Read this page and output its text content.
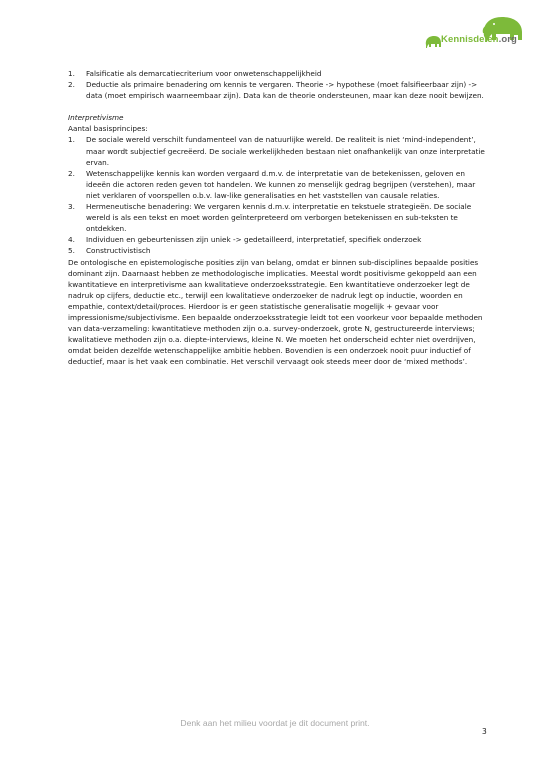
Kennisdelen.org
1.	Falsificatie als demarcatiecriterium voor onwetenschappelijkheid
2.	Deductie als primaire benadering om kennis te vergaren. Theorie -> hypothese (moet falsifieerbaar zijn) -> data (moet empirisch waarneembaar zijn). Data kan de theorie ondersteunen, maar kan deze nooit bewijzen.
Interpretivisme
Aantal basisprincipes:
1.	De sociale wereld verschilt fundamenteel van de natuurlijke wereld. De realiteit is niet ‘mind-independent’, maar wordt subjectief gecreëerd. De sociale werkelijkheden bestaan niet onafhankelijk van onze interpretatie ervan.
2.	Wetenschappelijke kennis kan worden vergaard d.m.v. de interpretatie van de betekenissen, geloven en ideeën die actoren reden geven tot handelen. We kunnen zo menselijk gedrag begrijpen (verstehen), maar niet verklaren of voorspellen o.b.v. law-like generalisaties en het vaststellen van causale relaties.
3.	Hermeneutische benadering: We vergaren kennis d.m.v. interpretatie en tekstuele strategieën. De sociale wereld is als een tekst en moet worden geïnterpreteerd om verborgen betekenissen en sub-teksten te ontdekken.
4.	Individuen en gebeurtenissen zijn uniek -> gedetailleerd, interpretatief, specifiek onderzoek
5.	Constructivistisch

De ontologische en epistemologische posities zijn van belang, omdat er binnen sub-disciplines bepaalde posities dominant zijn. Daarnaast hebben ze methodologische implicaties. Meestal wordt positivisme gekoppeld aan een kwantitatieve en interpretivisme aan kwalitatieve onderzoeksstrategie. Een kwantitatieve onderzoeker legt de nadruk op cijfers, deductie etc., terwijl een kwalitatieve onderzoeker de nadruk legt op inductie, woorden en empathie, context/detail/proces. Hierdoor is er geen statistische generalisatie mogelijk + gevaar voor impressionisme/subjectivisme. Een bepaalde onderzoeksstrategie leidt tot een voorkeur voor bepaalde methoden van data-verzameling: kwantitatieve methoden zijn o.a. survey-onderzoek, grote N, gestructureerde interviews; kwalitatieve methoden zijn o.a. diepte-interviews, kleine N. We moeten het onderscheid echter niet overdrijven, omdat beiden dezelfde wetenschappelijke ambitie hebben. Bovendien is een onderzoek nooit puur inductief of deductief, maar is het vaak een combinatie. Het verschil vervaagt ook steeds meer door de ‘mixed methods’.

Denk aan het milieu voordat je dit document print.
3
